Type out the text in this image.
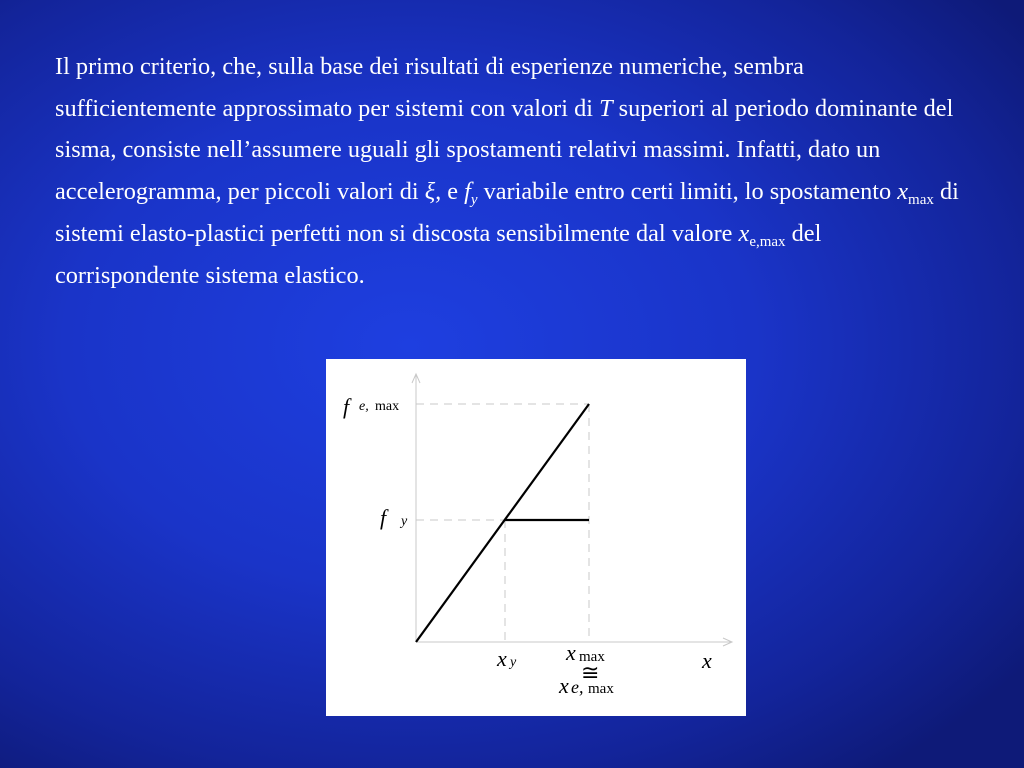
Il primo criterio, che, sulla base dei risultati di esperienze numeriche, sembra sufficientemente approssimato per sistemi con valori di T superiori al periodo dominante del sisma, consiste nell’assumere uguali gli spostamenti relativi massimi. Infatti, dato un accelerogramma, per piccoli valori di ξ, e $f_y$ variabile entro certi limiti, lo spostamento $x_{max}$ di sistemi elasto-plastici perfetti non si discosta sensibilmente dal valore $x_{e,max}$ del corrispondente sistema elastico.

f e, max
f y
x y x max
≅
x e, max
x
